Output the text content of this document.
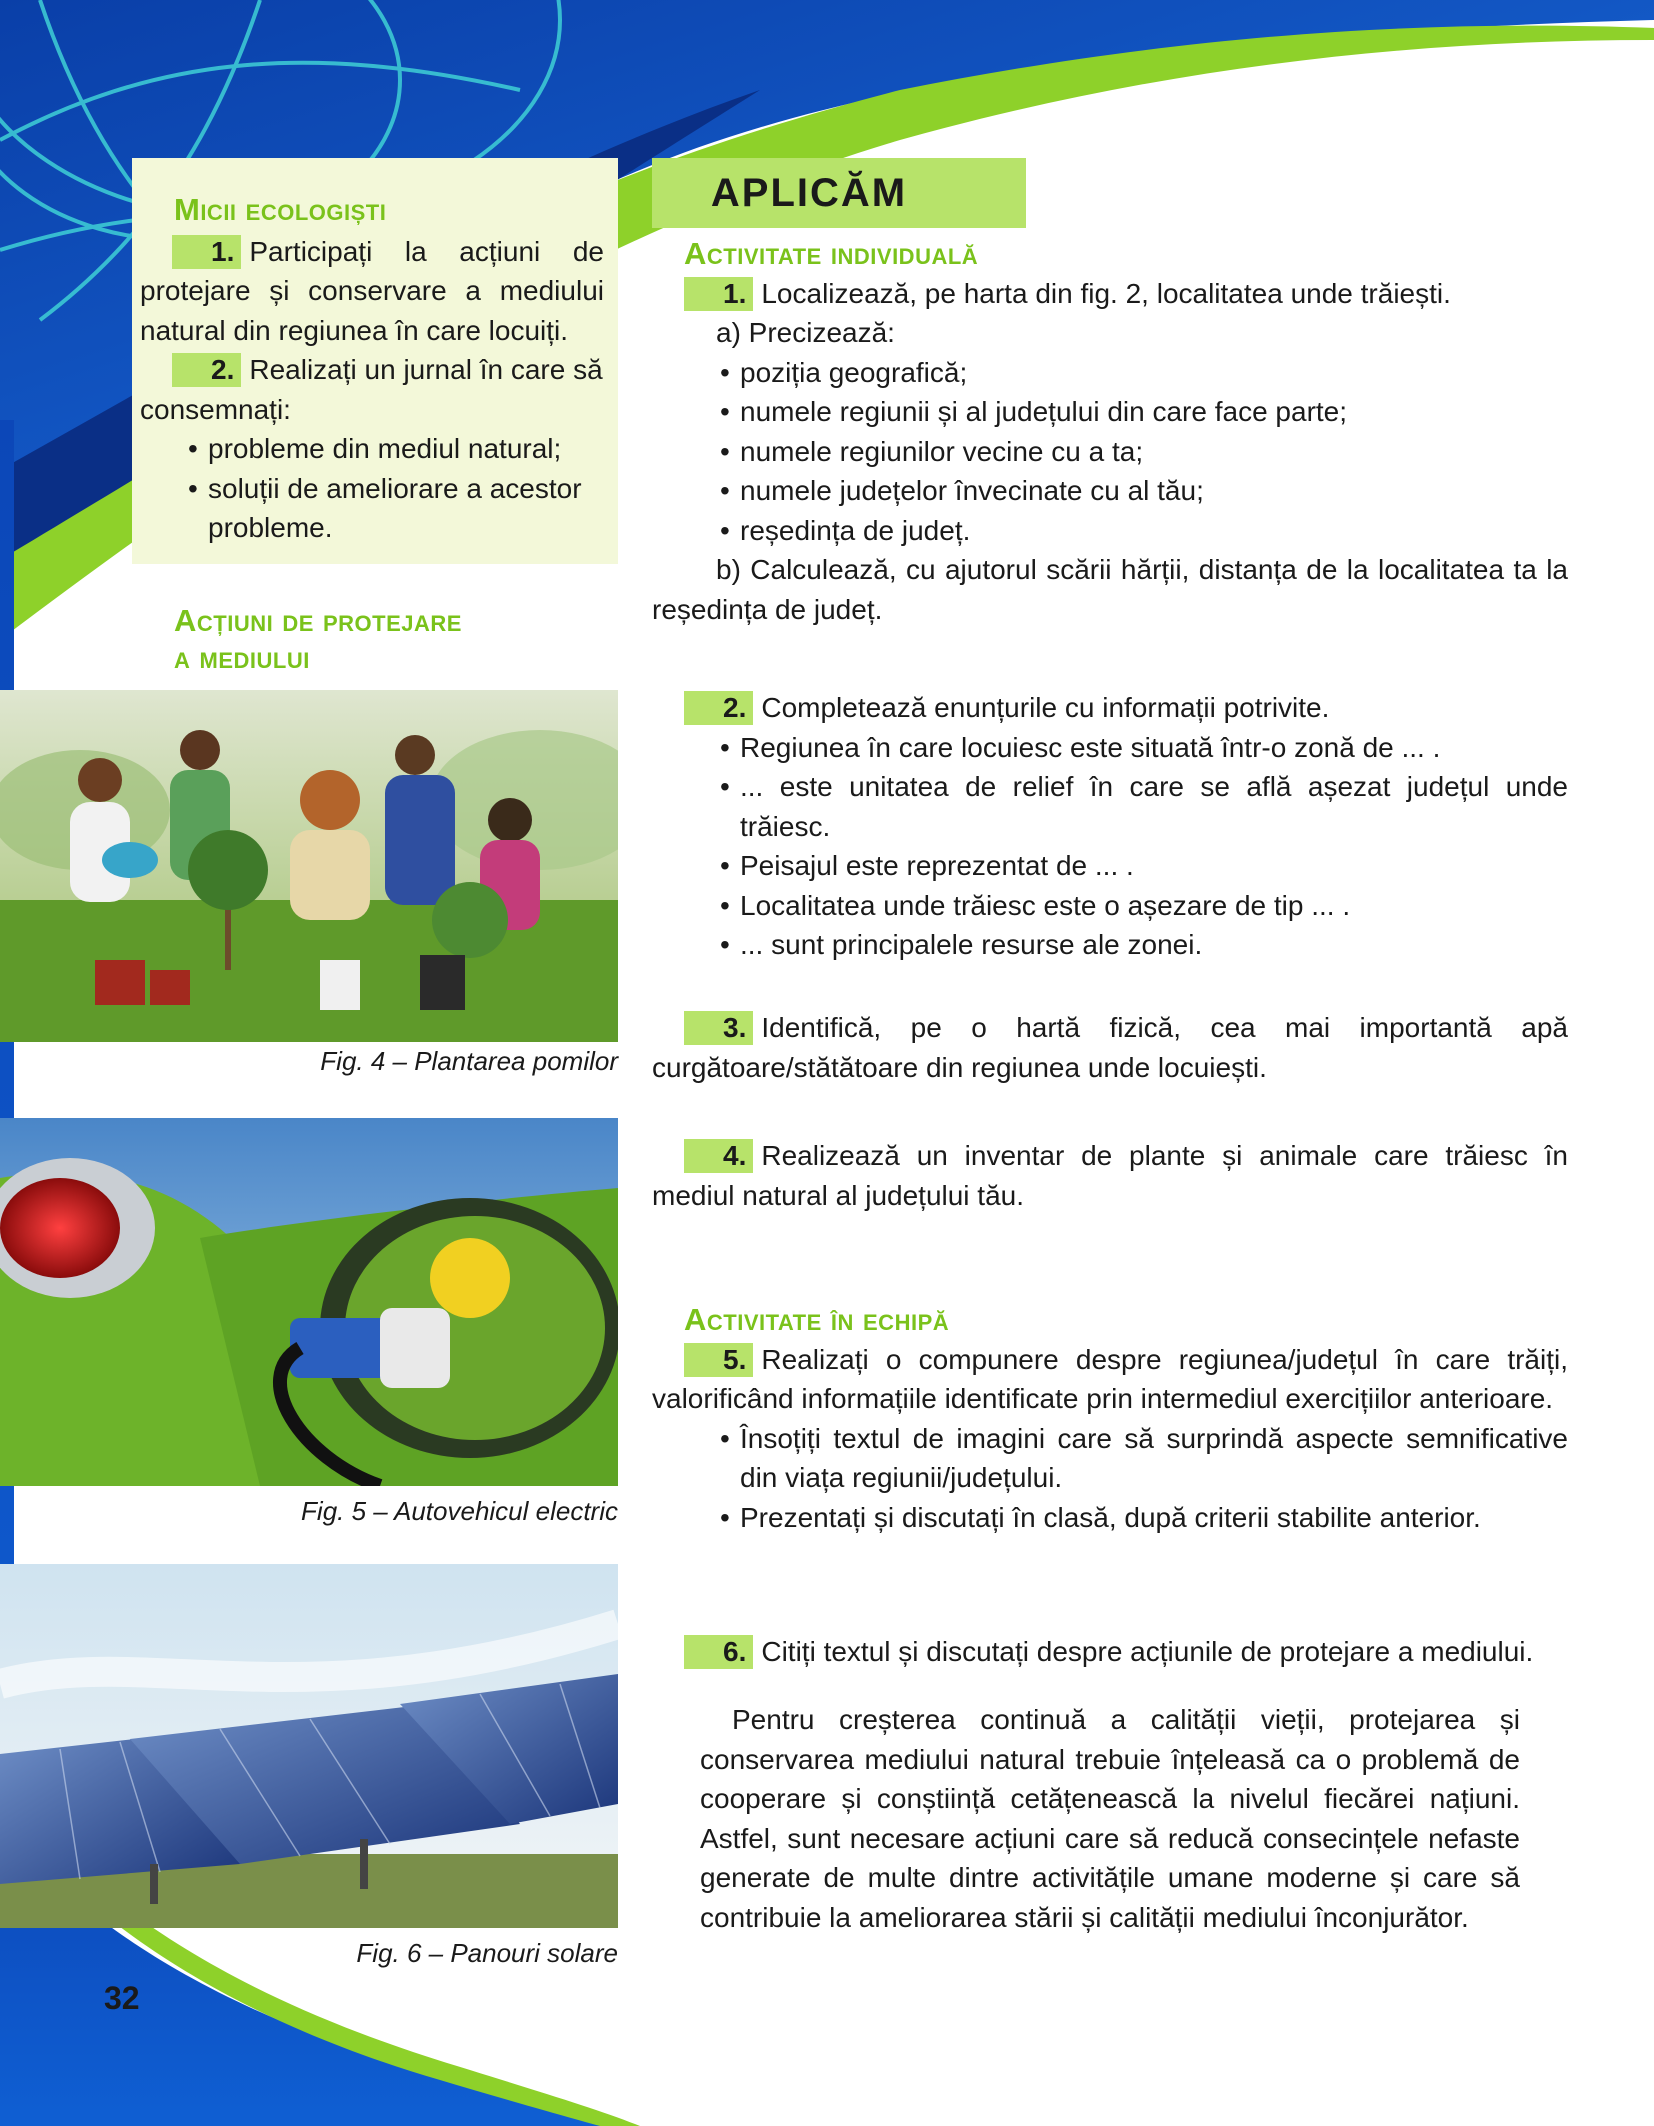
Micii ecologiști

1. Participați la acțiuni de protejare și conservare a mediului natural din regiunea în care locuiți.

2. Realizați un jurnal în care să consemnați:

• probleme din mediul natural;
• soluții de ameliorare a acestor probleme.
Acțiuni de protejare
a mediului
Fig. 4 – Plantarea pomilor
Fig. 5 – Autovehicul electric
Fig. 6 – Panouri solare
32
APLICĂM
Activitate individuală

1. Localizează, pe harta din fig. 2, localitatea unde trăiești.

a) Precizează:

• poziția geografică;
• numele regiunii și al județului din care face parte;
• numele regiunilor vecine cu a ta;
• numele județelor învecinate cu al tău;
• reședința de județ.

b) Calculează, cu ajutorul scării hărții, distanța de la localitatea ta la reședința de județ.

2. Completează enunțurile cu informații potrivite.

• Regiunea în care locuiesc este situată într-o zonă de ... .
• ... este unitatea de relief în care se află așezat județul unde trăiesc.
• Peisajul este reprezentat de ... .
• Localitatea unde trăiesc este o așezare de tip ... .
• ... sunt principalele resurse ale zonei.

3. Identifică, pe o hartă fizică, cea mai importantă apă curgătoare/stătătoare din regiunea unde locuiești.

4. Realizează un inventar de plante și animale care trăiesc în mediul natural al județului tău.

Activitate în echipă

5. Realizați o compunere despre regiunea/județul în care trăiți, valorificând informațiile identificate prin intermediul exercițiilor anterioare.

• Însoțiți textul de imagini care să surprindă aspecte semnificative din viața regiunii/județului.
• Prezentați și discutați în clasă, după criterii stabilite anterior.

6. Citiți textul și discutați despre acțiunile de protejare a mediului.

Pentru creșterea continuă a calității vieții, protejarea și conservarea mediului natural trebuie înțeleasă ca o problemă de cooperare și conștiință cetățenească la nivelul fiecărei națiuni. Astfel, sunt necesare acțiuni care să reducă consecințele nefaste generate de multe dintre activitățile umane moderne și care să contribuie la ameliorarea stării și calității mediului înconjurător.
